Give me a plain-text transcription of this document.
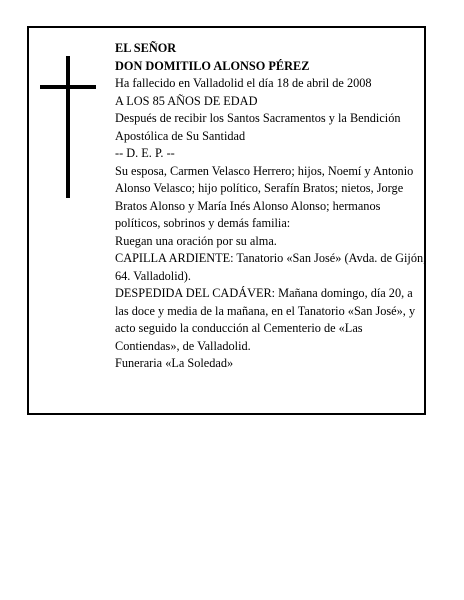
EL SEÑOR

DON DOMITILO ALONSO PÉREZ

Ha fallecido en Valladolid el día 18 de abril de 2008

A LOS 85 AÑOS DE EDAD

Después de recibir los Santos Sacramentos y la Bendición Apostólica de Su Santidad

-- D. E. P. --

Su esposa, Carmen Velasco Herrero; hijos, Noemí y Antonio Alonso Velasco; hijo político, Serafín Bratos; nietos, Jorge Bratos Alonso y María Inés Alonso Alonso; hermanos políticos, sobrinos y demás familia:

Ruegan una oración por su alma.

CAPILLA ARDIENTE: Tanatorio «San José» (Avda. de Gijón, 64. Valladolid).

DESPEDIDA DEL CADÁVER: Mañana domingo, día 20, a las doce y media de la mañana, en el Tanatorio «San José», y acto seguido la conducción al Cementerio de «Las Contiendas», de Valladolid.

Funeraria «La Soledad»
